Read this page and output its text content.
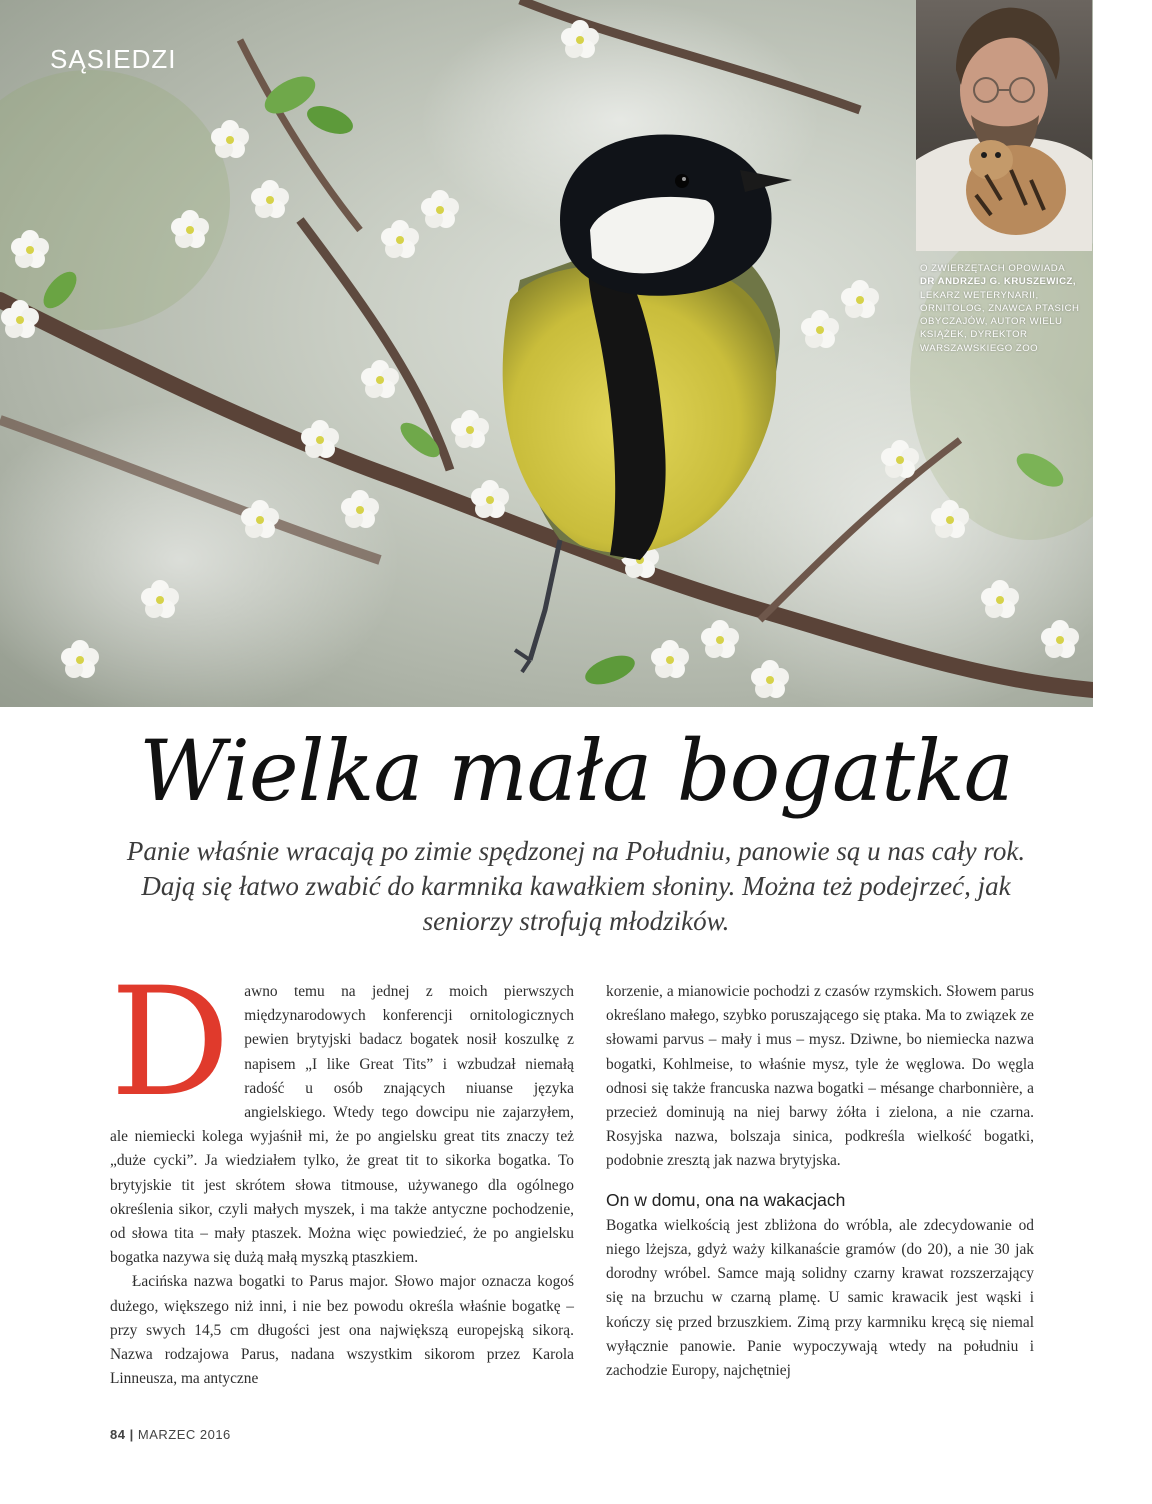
SĄSIEDZI
O ZWIERZĘTACH OPOWIADA
DR ANDRZEJ G. KRUSZEWICZ, LEKARZ WETERYNARII, ORNITOLOG, ZNAWCA PTASICH OBYCZAJÓW, AUTOR WIELU KSIĄŻEK, DYREKTOR WARSZAWSKIEGO ZOO
Wielka mała bogatka

Panie właśnie wracają po zimie spędzonej na Południu, panowie są u nas cały rok. Dają się łatwo zwabić do karmnika kawałkiem słoniny. Można też podejrzeć, jak seniorzy strofują młodzików.

Dawno temu na jednej z moich pierwszych międzynarodowych konferencji ornitologicznych pewien brytyjski badacz bogatek nosił koszulkę z napisem „I like Great Tits” i wzbudzał niemałą radość u osób znających niuanse języka angielskiego. Wtedy tego dowcipu nie zajarzyłem, ale niemiecki kolega wyjaśnił mi, że po angielsku great tits znaczy też „duże cycki”. Ja wiedziałem tylko, że great tit to sikorka bogatka. To brytyjskie tit jest skrótem słowa titmouse, używanego dla ogólnego określenia sikor, czyli małych myszek, i ma także antyczne pochodzenie, od słowa tita – mały ptaszek. Można więc powiedzieć, że po angielsku bogatka nazywa się dużą małą myszką ptaszkiem.

Łacińska nazwa bogatki to Parus major. Słowo major oznacza kogoś dużego, większego niż inni, i nie bez powodu określa właśnie bogatkę – przy swych 14,5 cm długości jest ona największą europejską sikorą. Nazwa rodzajowa Parus, nadana wszystkim sikorom przez Karola Linneusza, ma antyczne

korzenie, a mianowicie pochodzi z czasów rzymskich. Słowem parus określano małego, szybko poruszającego się ptaka. Ma to związek ze słowami parvus – mały i mus – mysz. Dziwne, bo niemiecka nazwa bogatki, Kohlmeise, to właśnie mysz, tyle że węglowa. Do węgla odnosi się także francuska nazwa bogatki – mésange charbonnière, a przecież dominują na niej barwy żółta i zielona, a nie czarna. Rosyjska nazwa, bolszaja sinica, podkreśla wielkość bogatki, podobnie zresztą jak nazwa brytyjska.

On w domu, ona na wakacjach

Bogatka wielkością jest zbliżona do wróbla, ale zdecydowanie od niego lżejsza, gdyż waży kilkanaście gramów (do 20), a nie 30 jak dorodny wróbel. Samce mają solidny czarny krawat rozszerzający się na brzuchu w czarną plamę. U samic krawacik jest wąski i kończy się przed brzuszkiem. Zimą przy karmniku kręcą się niemal wyłącznie panowie. Panie wypoczywają wtedy na południu i zachodzie Europy, najchętniej

84 | MARZEC 2016
